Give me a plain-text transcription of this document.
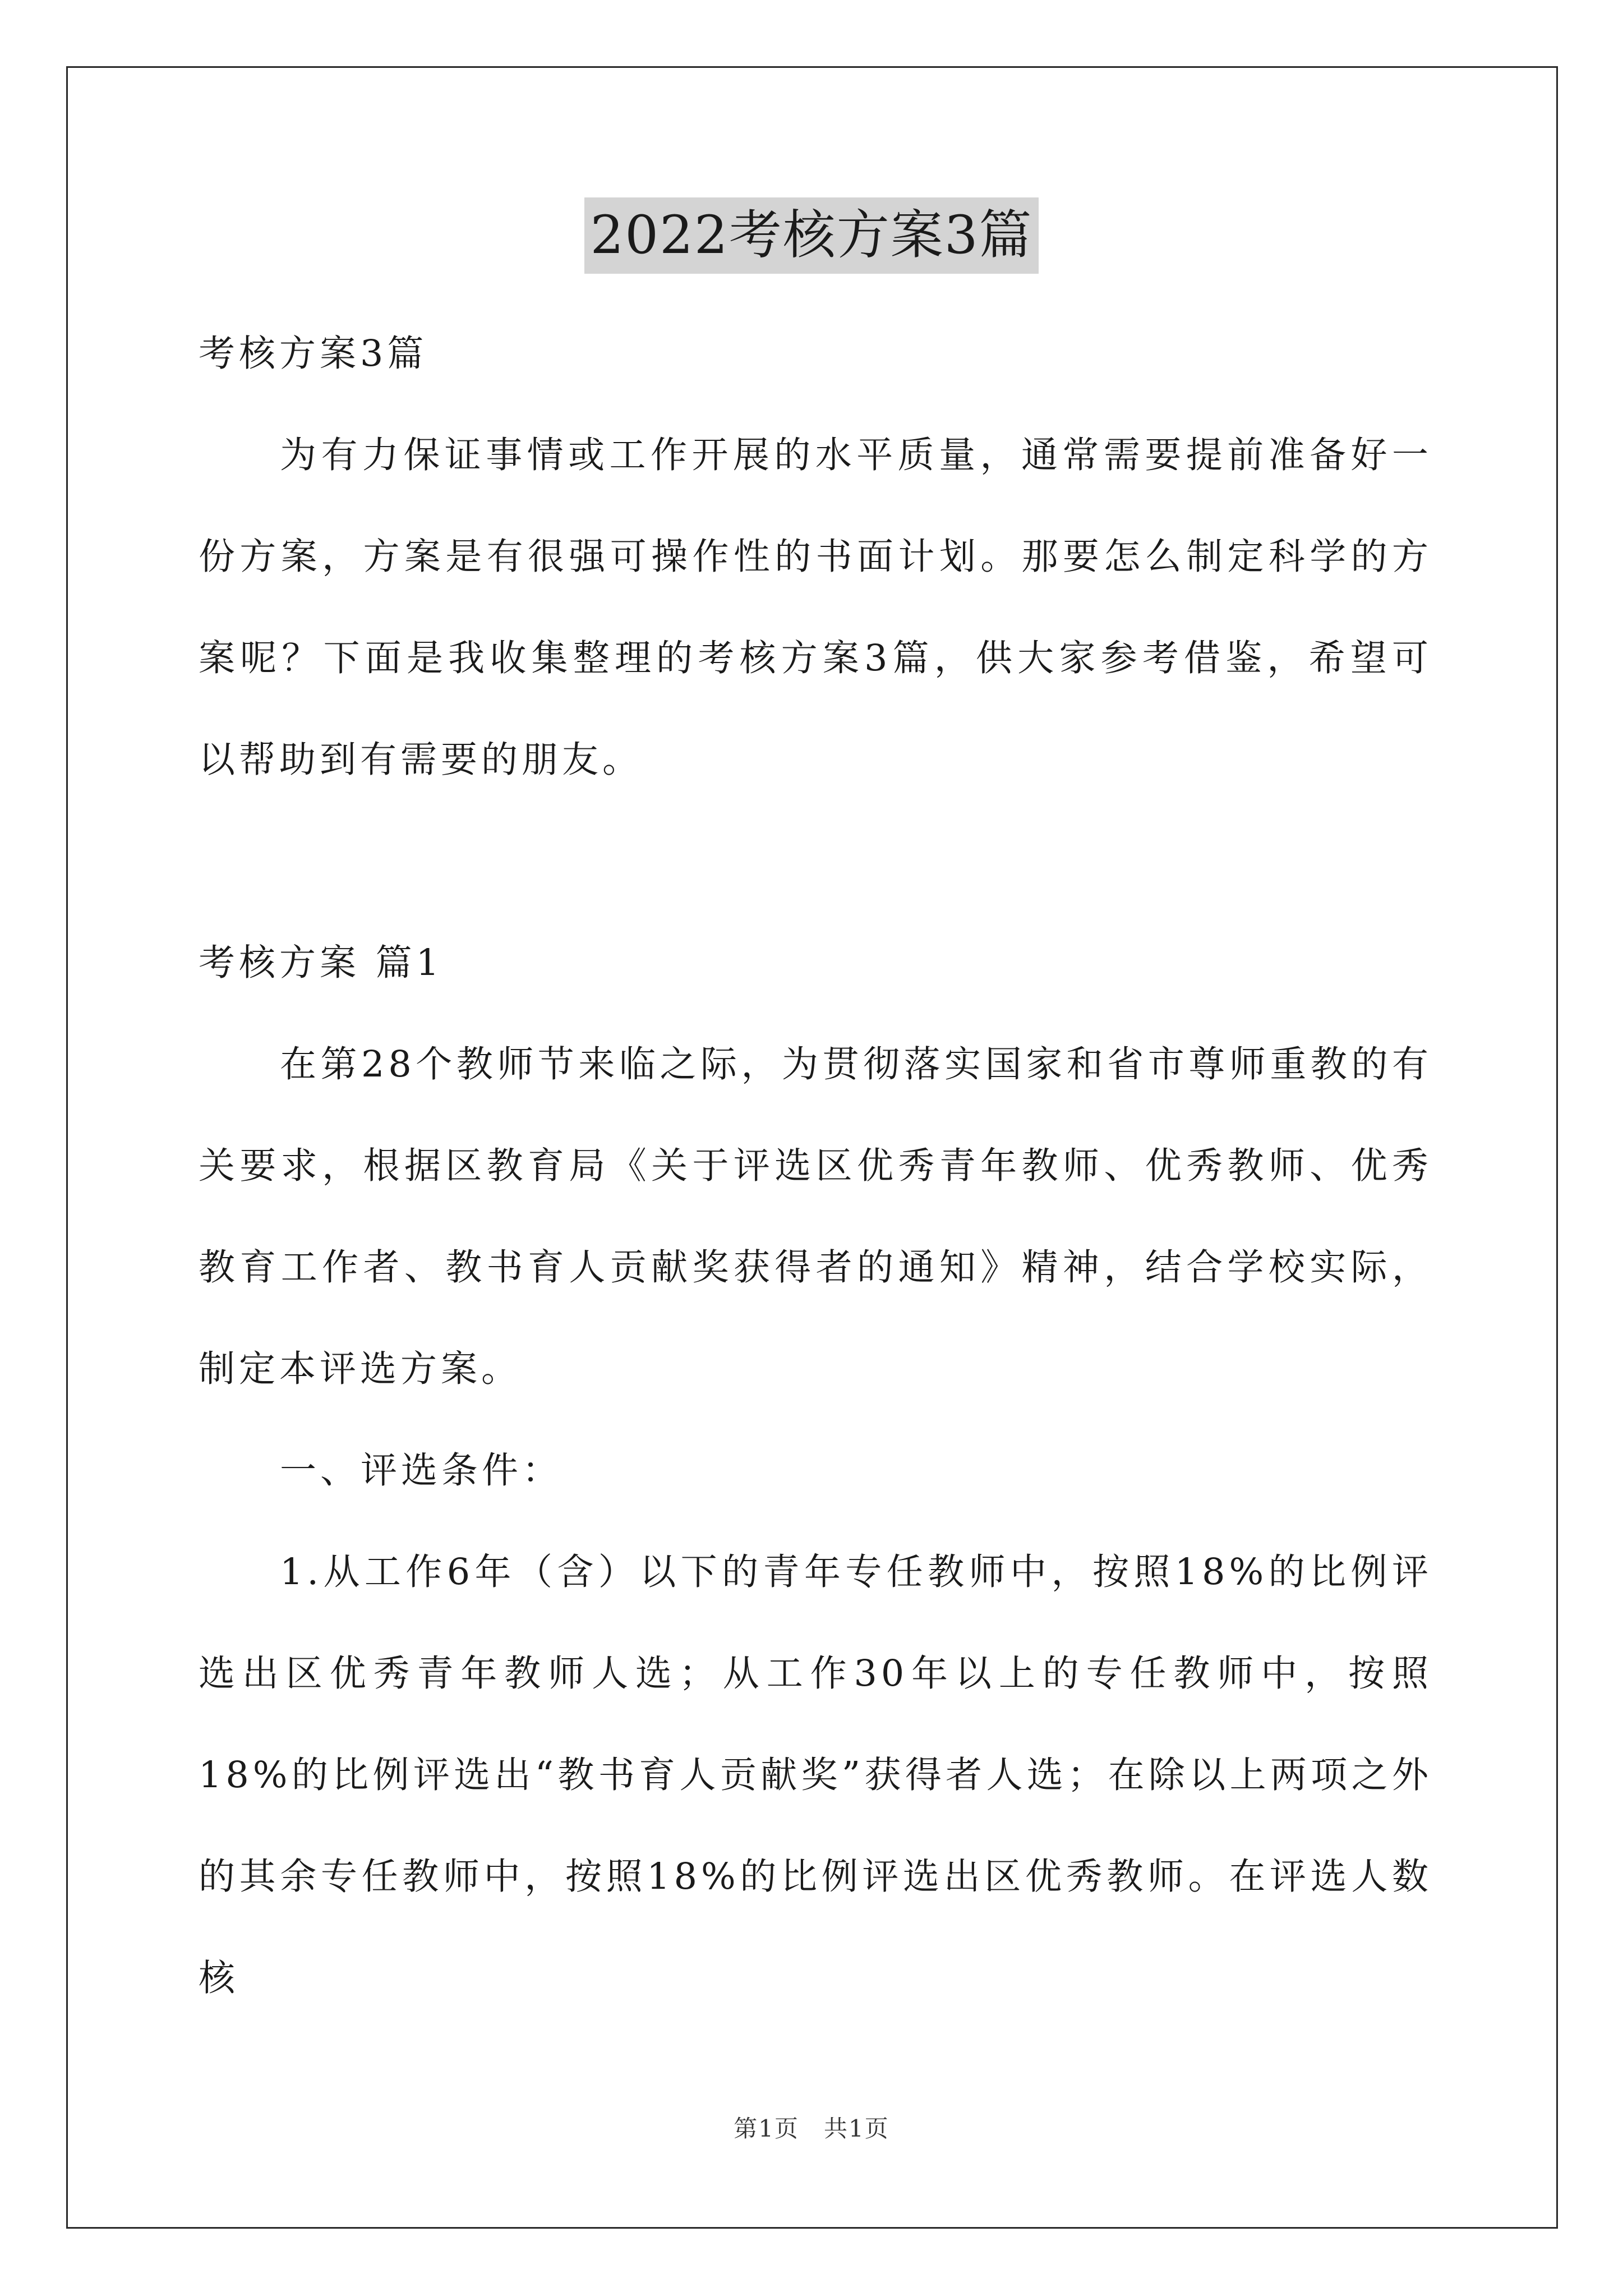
2022考核方案3篇

考核方案3篇

为有力保证事情或工作开展的水平质量，通常需要提前准备好一份方案，方案是有很强可操作性的书面计划。那要怎么制定科学的方案呢？下面是我收集整理的考核方案3篇，供大家参考借鉴，希望可以帮助到有需要的朋友。

考核方案 篇1

在第28个教师节来临之际，为贯彻落实国家和省市尊师重教的有关要求，根据区教育局《关于评选区优秀青年教师、优秀教师、优秀教育工作者、教书育人贡献奖获得者的通知》精神，结合学校实际，制定本评选方案。

一、评选条件：

1.从工作6年（含）以下的青年专任教师中，按照18%的比例评选出区优秀青年教师人选；从工作30年以上的专任教师中，按照18%的比例评选出“教书育人贡献奖”获得者人选；在除以上两项之外的其余专任教师中，按照18%的比例评选出区优秀教师。在评选人数核

第1页　共1页
